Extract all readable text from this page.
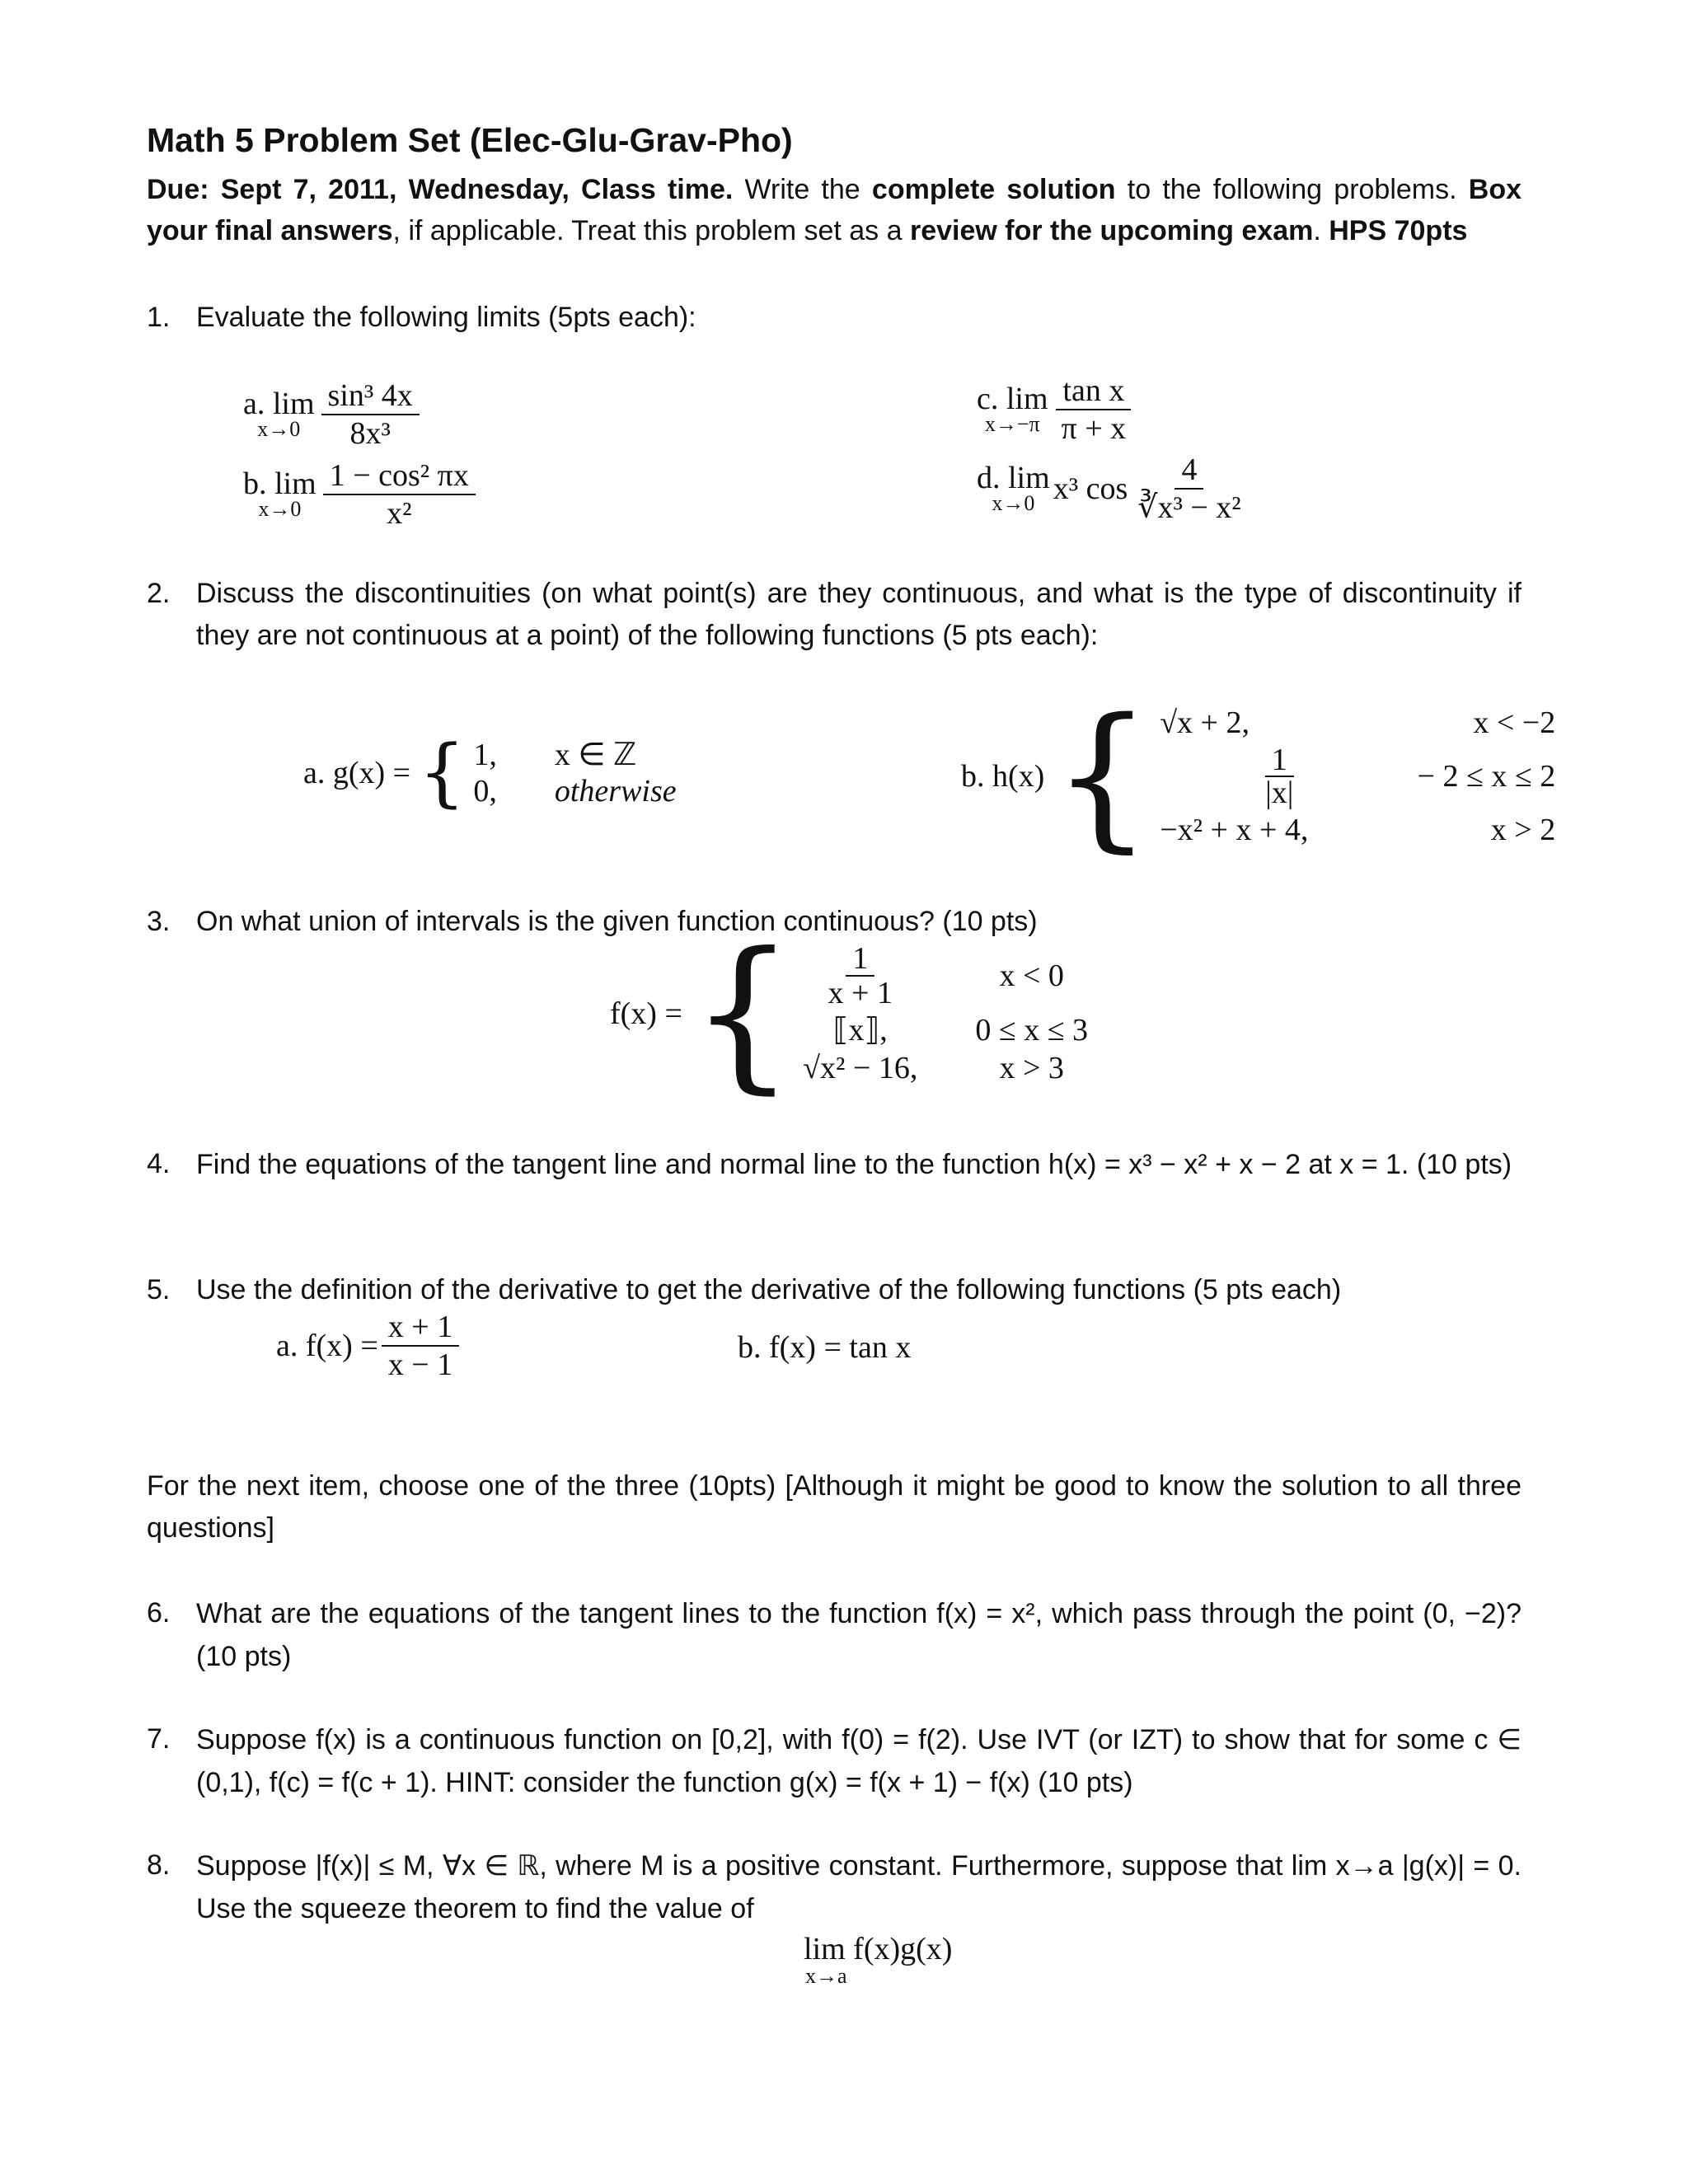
Math 5 Problem Set (Elec-Glu-Grav-Pho)
Due: Sept 7, 2011, Wednesday, Class time. Write the complete solution to the following problems. Box your final answers, if applicable. Treat this problem set as a review for the upcoming exam. HPS 70pts
1. Evaluate the following limits (5pts each):
a. lim
$x\to 0 \frac{\text{sin³ 4x}}{\text{8x³}}$
b. lim
$x\to 0 \frac{\text{1 − cos² πx}}{\text{x²}}$
c. lim
$x\to-\pi \frac{\text{tan x}}{\pi + x}$
d. lim
x→0 x³ $\cos \frac{4}{\text{∛x³ − x²}}$
2. Discuss the discontinuities (on what point(s) are they continuous, and what is the type of discontinuity if they are not continuous at a point) of the following functions (5 pts each):
a. g(x) = { 1, x ∈ ℤ
0, otherwise	b. h(x) { √x + 2,	x < −2
$\frac{1}{|x|} - 2 \le x \le 2$
−x² + x + 4,	x > 2
3. On what union of intervals is the given function continuous? (10 pts)
f(x) = { $\frac{1}{x + 1}$	x < 0
⟦x⟧,	0 ≤ x ≤ 3
√x² − 16,	x > 3
4. Find the equations of the tangent line and normal line to the function h(x) = x³ − x² + x − 2 at x = 1. (10 pts)
5. Use the definition of the derivative to get the derivative of the following functions (5 pts each)
a. $f(x) = \frac{x + 1}{x - 1}$	b. f(x) = tan x
For the next item, choose one of the three (10pts) [Although it might be good to know the solution to all three questions]
6. What are the equations of the tangent lines to the function f(x) = x², which pass through the point (0, −2)? (10 pts)
7. Suppose f(x) is a continuous function on [0,2], with f(0) = f(2). Use IVT (or IZT) to show that for some c ∈ (0,1), f(c) = f(c + 1). HINT: consider the function g(x) = f(x + 1) − f(x) (10 pts)
8. Suppose |f(x)| ≤ M, ∀x ∈ ℝ, where M is a positive constant. Furthermore, suppose that lim x→a |g(x)| = 0. Use the squeeze theorem to find the value of
lim f(x)g(x)
x→a
